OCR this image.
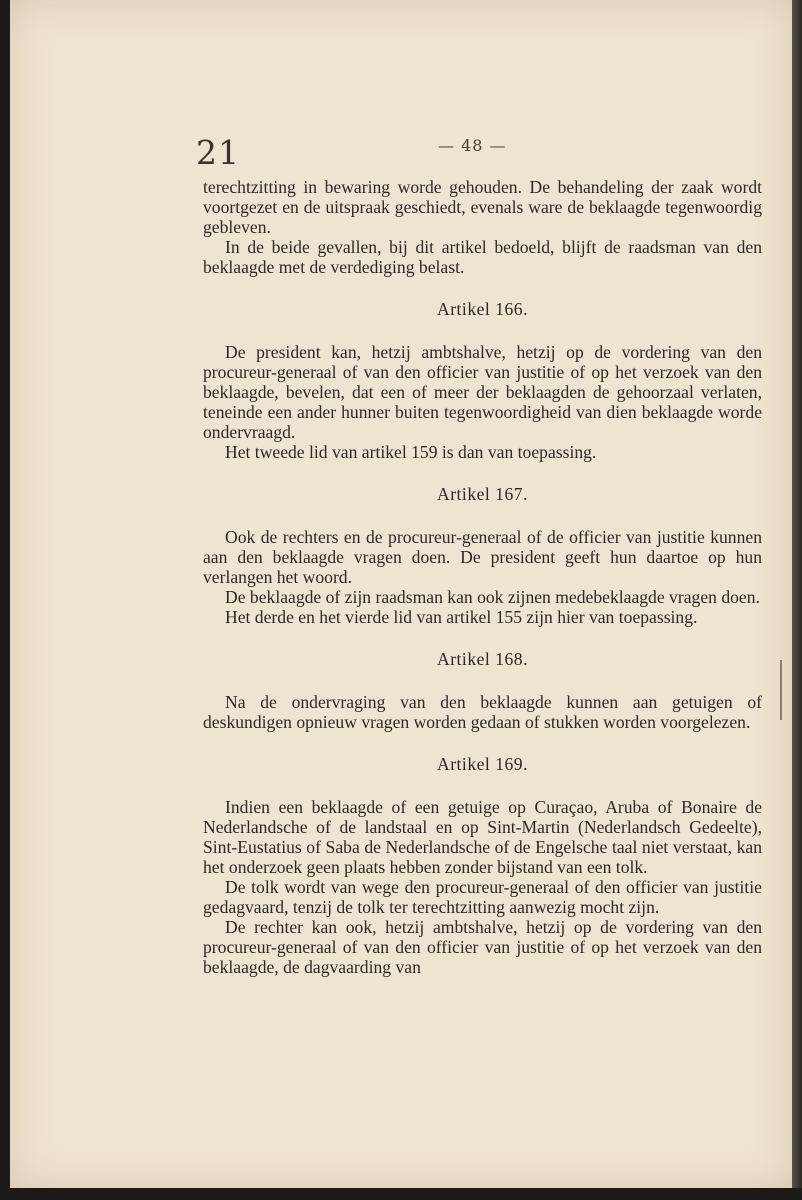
21	— 48 —

terechtzitting in bewaring worde gehouden. De behandeling der zaak wordt voortgezet en de uitspraak geschiedt, evenals ware de beklaagde tegenwoordig gebleven.

In de beide gevallen, bij dit artikel bedoeld, blijft de raadsman van den beklaagde met de verdediging belast.

Artikel 166.

De president kan, hetzij ambtshalve, hetzij op de vordering van den procureur-generaal of van den officier van justitie of op het verzoek van den beklaagde, bevelen, dat een of meer der beklaagden de gehoorzaal verlaten, teneinde een ander hunner buiten tegenwoordigheid van dien beklaagde worde ondervraagd.

Het tweede lid van artikel 159 is dan van toepassing.

Artikel 167.

Ook de rechters en de procureur-generaal of de officier van justitie kunnen aan den beklaagde vragen doen. De president geeft hun daartoe op hun verlangen het woord.

De beklaagde of zijn raadsman kan ook zijnen medebeklaagde vragen doen.

Het derde en het vierde lid van artikel 155 zijn hier van toepassing.

Artikel 168.

Na de ondervraging van den beklaagde kunnen aan getuigen of deskundigen opnieuw vragen worden gedaan of stukken worden voorgelezen.

Artikel 169.

Indien een beklaagde of een getuige op Curaçao, Aruba of Bonaire de Nederlandsche of de landstaal en op Sint-Martin (Nederlandsch Gedeelte), Sint-Eustatius of Saba de Nederlandsche of de Engelsche taal niet verstaat, kan het onderzoek geen plaats hebben zonder bijstand van een tolk.

De tolk wordt van wege den procureur-generaal of den officier van justitie gedagvaard, tenzij de tolk ter terechtzitting aanwezig mocht zijn.

De rechter kan ook, hetzij ambtshalve, hetzij op de vordering van den procureur-generaal of van den officier van justitie of op het verzoek van den beklaagde, de dagvaarding van
